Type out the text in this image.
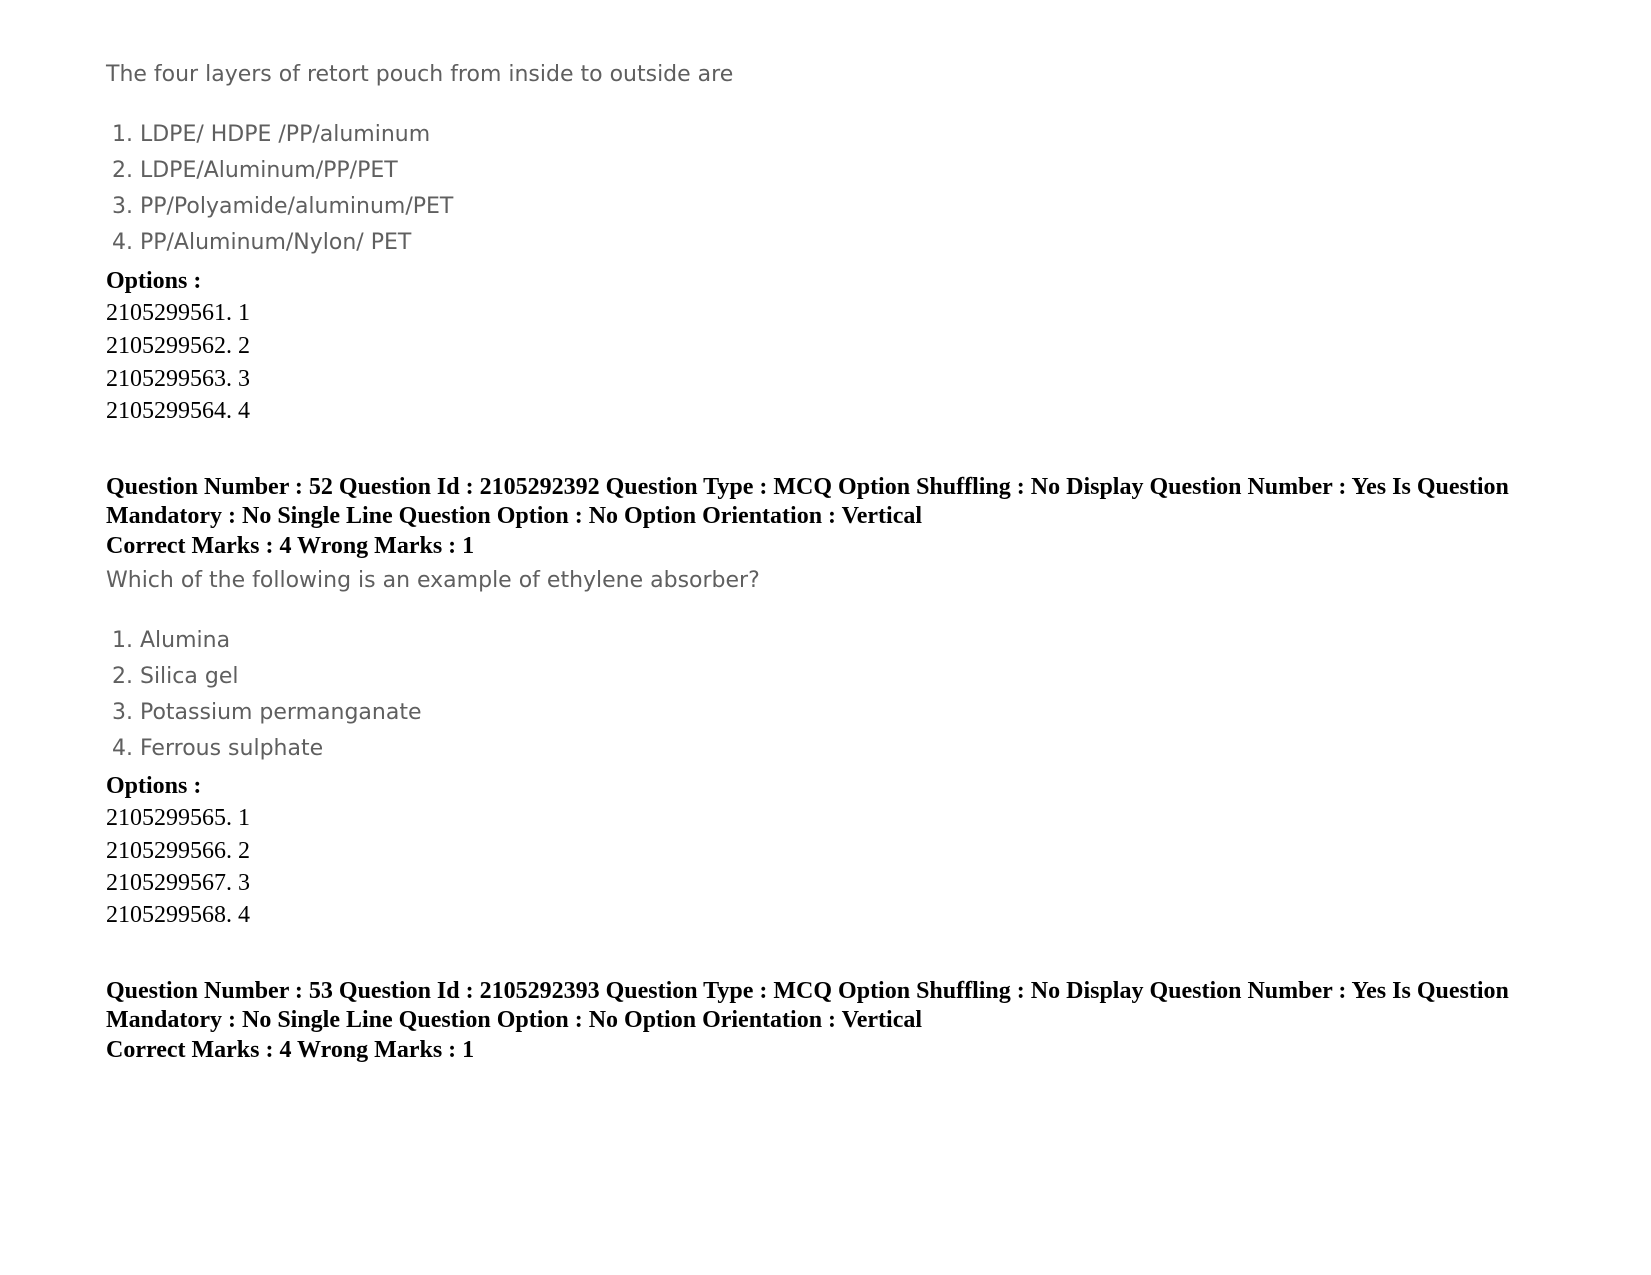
The four layers of retort pouch from inside to outside are

1. LDPE/ HDPE /PP/aluminum

2. LDPE/Aluminum/PP/PET

3. PP/Polyamide/aluminum/PET

4. PP/Aluminum/Nylon/ PET

Options :

2105299561. 1

2105299562. 2

2105299563. 3

2105299564. 4

Question Number : 52 Question Id : 2105292392 Question Type : MCQ Option Shuffling : No Display Question Number : Yes Is Question Mandatory : No Single Line Question Option : No Option Orientation : Vertical

Correct Marks : 4 Wrong Marks : 1

Which of the following is an example of ethylene absorber?

1. Alumina

2. Silica gel

3. Potassium permanganate

4. Ferrous sulphate

Options :

2105299565. 1

2105299566. 2

2105299567. 3

2105299568. 4

Question Number : 53 Question Id : 2105292393 Question Type : MCQ Option Shuffling : No Display Question Number : Yes Is Question Mandatory : No Single Line Question Option : No Option Orientation : Vertical

Correct Marks : 4 Wrong Marks : 1
